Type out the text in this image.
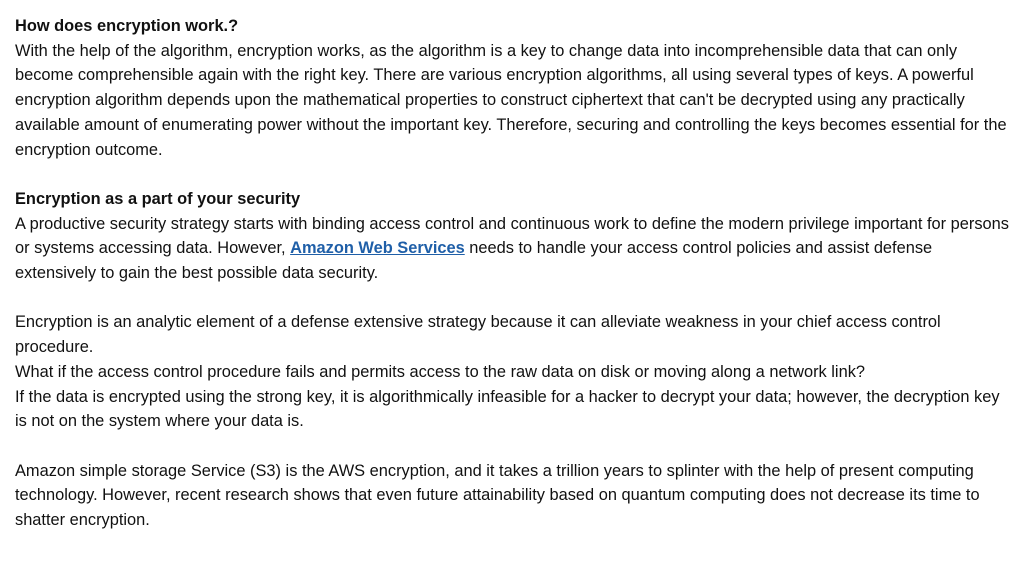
How does encryption work.?

With the help of the algorithm, encryption works, as the algorithm is a key to change data into incomprehensible data that can only become comprehensible again with the right key. There are various encryption algorithms, all using several types of keys. A powerful encryption algorithm depends upon the mathematical properties to construct ciphertext that can't be decrypted using any practically available amount of enumerating power without the important key. Therefore, securing and controlling the keys becomes essential for the encryption outcome.

Encryption as a part of your security

A productive security strategy starts with binding access control and continuous work to define the modern privilege important for persons or systems accessing data. However, Amazon Web Services needs to handle your access control policies and assist defense extensively to gain the best possible data security.

Encryption is an analytic element of a defense extensive strategy because it can alleviate weakness in your chief access control procedure.

What if the access control procedure fails and permits access to the raw data on disk or moving along a network link?

If the data is encrypted using the strong key, it is algorithmically infeasible for a hacker to decrypt your data; however, the decryption key is not on the system where your data is.

Amazon simple storage Service (S3) is the AWS encryption, and it takes a trillion years to splinter with the help of present computing technology. However, recent research shows that even future attainability based on quantum computing does not decrease its time to shatter encryption.
